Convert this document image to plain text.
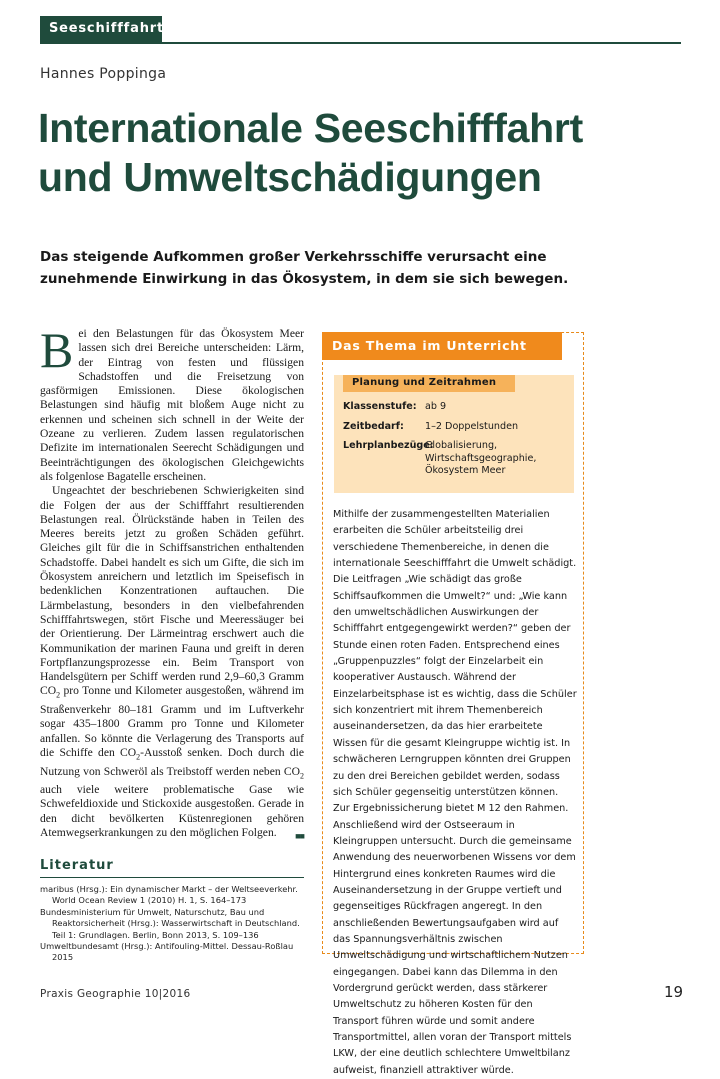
Seeschifffahrt
Hannes Poppinga
Internationale Seeschifffahrt
und Umweltschädigungen
Das steigende Aufkommen großer Verkehrsschiffe verursacht eine
zunehmende Einwirkung in das Ökosystem, in dem sie sich bewegen.

Bei den Belastungen für das Ökosystem Meer lassen sich drei Bereiche unterscheiden: Lärm, der Eintrag von festen und flüssigen Schadstoffen und die Freisetzung von gasförmigen Emissionen. Diese ökologischen Belastungen sind häufig mit bloßem Auge nicht zu erkennen und scheinen sich schnell in der Weite der Ozeane zu verlieren. Zudem lassen regulatorischen Defizite im internationalen Seerecht Schädigungen und Beeinträchtigungen des ökologischen Gleichgewichts als folgenlose Bagatelle erscheinen.

Ungeachtet der beschriebenen Schwierigkeiten sind die Folgen der aus der Schifffahrt resultierenden Belastungen real. Ölrückstände haben in Teilen des Meeres bereits jetzt zu großen Schäden geführt. Gleiches gilt für die in Schiffsanstrichen enthaltenden Schadstoffe. Dabei handelt es sich um Gifte, die sich im Ökosystem anreichern und letztlich im Speisefisch in bedenklichen Konzentrationen auftauchen. Die Lärmbelastung, besonders in den vielbefahrenden Schifffahrtswegen, stört Fische und Meeressäuger bei der Orientierung. Der Lärmeintrag erschwert auch die Kommunikation der marinen Fauna und greift in deren Fortpflanzungsprozesse ein. Beim Transport von Handelsgütern per Schiff werden rund 2,9–60,3 Gramm $CO_2$ pro Tonne und Kilometer ausgestoßen, während im Straßenverkehr 80–181 Gramm und im Luftverkehr sogar 435–1800 Gramm pro Tonne und Kilometer anfallen. So könnte die Verlagerung des Transports auf die Schiffe den $CO_2$-Ausstoß senken. Doch durch die Nutzung von Schweröl als Treibstoff werden neben $CO_2$ auch viele weitere problematische Gase wie Schwefeldioxide und Stickoxide ausgestoßen. Gerade in den dicht bevölkerten Küstenregionen gehören Atemwegserkrankungen zu den möglichen Folgen.	■■

Literatur
maribus (Hrsg.): Ein dynamischer Markt – der Weltseeverkehr. World Ocean Review 1 (2010) H. 1, S. 164–173
Bundesministerium für Umwelt, Naturschutz, Bau und Reaktorsicherheit (Hrsg.): Wasserwirtschaft in Deutschland. Teil 1: Grundlagen. Berlin, Bonn 2013, S. 109–136
Umweltbundesamt (Hrsg.): Antifouling-Mittel. Dessau-Roßlau 2015
Das Thema im Unterricht
Planung und Zeitrahmen
Klassenstufe: ab 9
Zeitbedarf:	1–2 Doppelstunden
Lehrplanbezüge:
Globalisierung,
Wirtschaftsgeographie,
Ökosystem Meer
Mithilfe der zusammengestellten Materialien erarbeiten die Schüler arbeitsteilig drei verschiedene Themenbereiche, in denen die internationale Seeschifffahrt die Umwelt schädigt. Die Leitfragen „Wie schädigt das große Schiffsaufkommen die Umwelt?“ und: „Wie kann den umweltschädlichen Auswirkungen der Schifffahrt entgegengewirkt werden?“ geben der Stunde einen roten Faden. Entsprechend eines „Gruppenpuzzles“ folgt der Einzelarbeit ein kooperativer Austausch. Während der Einzelarbeitsphase ist es wichtig, dass die Schüler sich konzentriert mit ihrem Themenbereich auseinandersetzen, da das hier erarbeitete Wissen für die gesamt Kleingruppe wichtig ist. In schwächeren Lerngruppen könnten drei Gruppen zu den drei Bereichen gebildet werden, sodass sich Schüler gegenseitig unterstützen können. Zur Ergebnissicherung bietet M 12 den Rahmen. Anschließend wird der Ostseeraum in Kleingruppen untersucht. Durch die gemeinsame Anwendung des neuerworbenen Wissens vor dem Hintergrund eines konkreten Raumes wird die Auseinandersetzung in der Gruppe vertieft und gegenseitiges Rückfragen angeregt. In den anschließenden Bewertungsaufgaben wird auf das Spannungsverhältnis zwischen Umweltschädigung und wirtschaftlichem Nutzen eingegangen. Dabei kann das Dilemma in den Vordergrund gerückt werden, dass stärkerer Umweltschutz zu höheren Kosten für den Transport führen würde und somit andere Transportmittel, allen voran der Transport mittels LKW, der eine deutlich schlechtere Umweltbilanz aufweist, finanziell attraktiver würde.
Praxis Geographie 10|2016	19
